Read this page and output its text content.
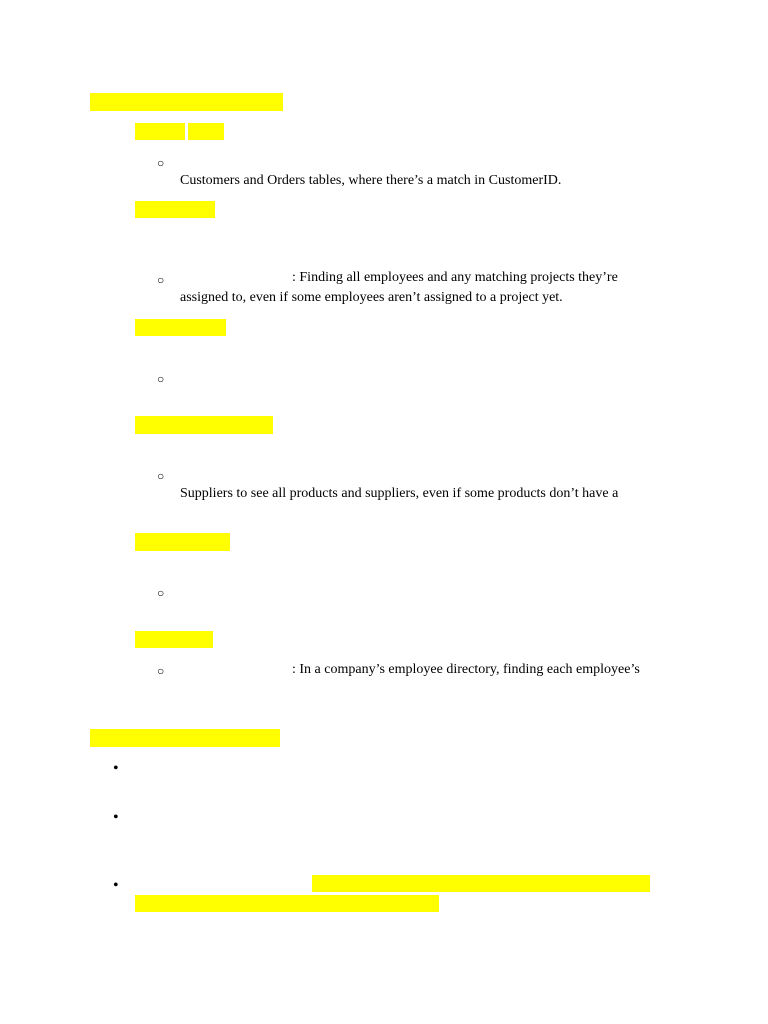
○
Customers and Orders tables, where there’s a match in CustomerID.
○	: Finding all employees and any matching projects they’re
assigned to, even if some employees aren’t assigned to a project yet.
○
○
Suppliers to see all products and suppliers, even if some products don’t have a
○
○	: In a company’s employee directory, finding each employee’s
•
•
•
